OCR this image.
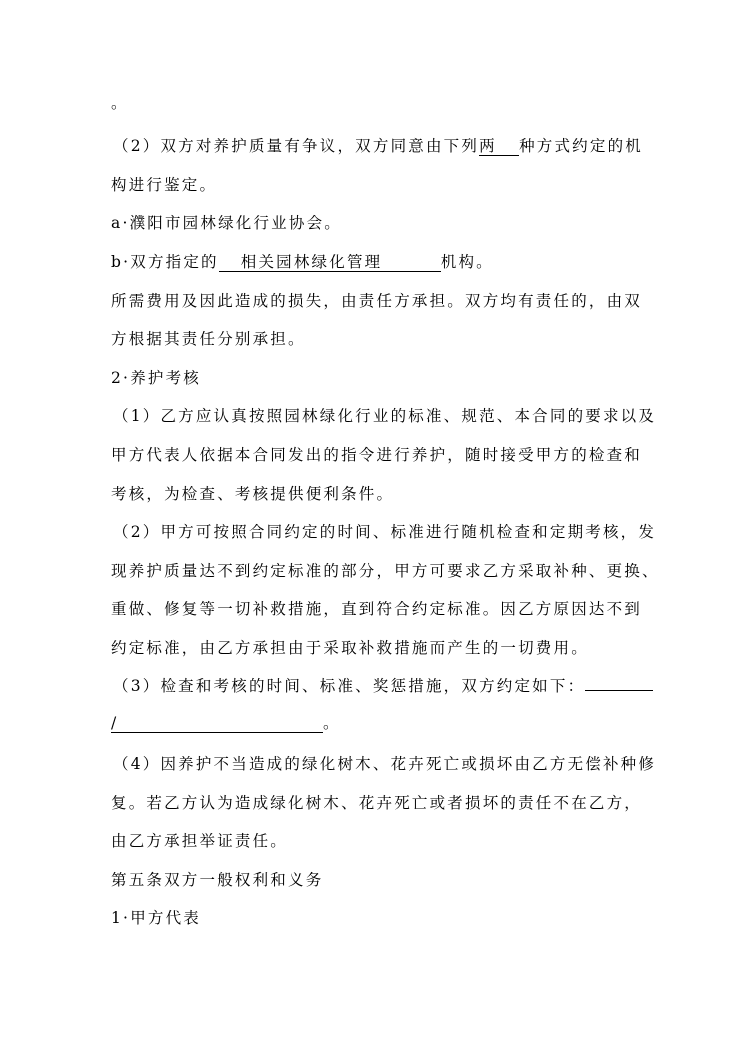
。
（2）双方对养护质量有争议，双方同意由下列两 种方式约定的机
构进行鉴定。
a·濮阳市园林绿化行业协会。
b·双方指定的 相关园林绿化管理	机构。
所需费用及因此造成的损失，由责任方承担。双方均有责任的，由双
方根据其责任分别承担。
2·养护考核
（1）乙方应认真按照园林绿化行业的标准、规范、本合同的要求以及
甲方代表人依据本合同发出的指令进行养护，随时接受甲方的检查和
考核，为检查、考核提供便利条件。
（2）甲方可按照合同约定的时间、标准进行随机检查和定期考核，发
现养护质量达不到约定标准的部分，甲方可要求乙方采取补种、更换、
重做、修复等一切补救措施，直到符合约定标准。因乙方原因达不到
约定标准，由乙方承担由于采取补救措施而产生的一切费用。
（3）检查和考核的时间、标准、奖惩措施，双方约定如下：
/	。
（4）因养护不当造成的绿化树木、花卉死亡或损坏由乙方无偿补种修
复。若乙方认为造成绿化树木、花卉死亡或者损坏的责任不在乙方，
由乙方承担举证责任。
第五条双方一般权利和义务
1·甲方代表
